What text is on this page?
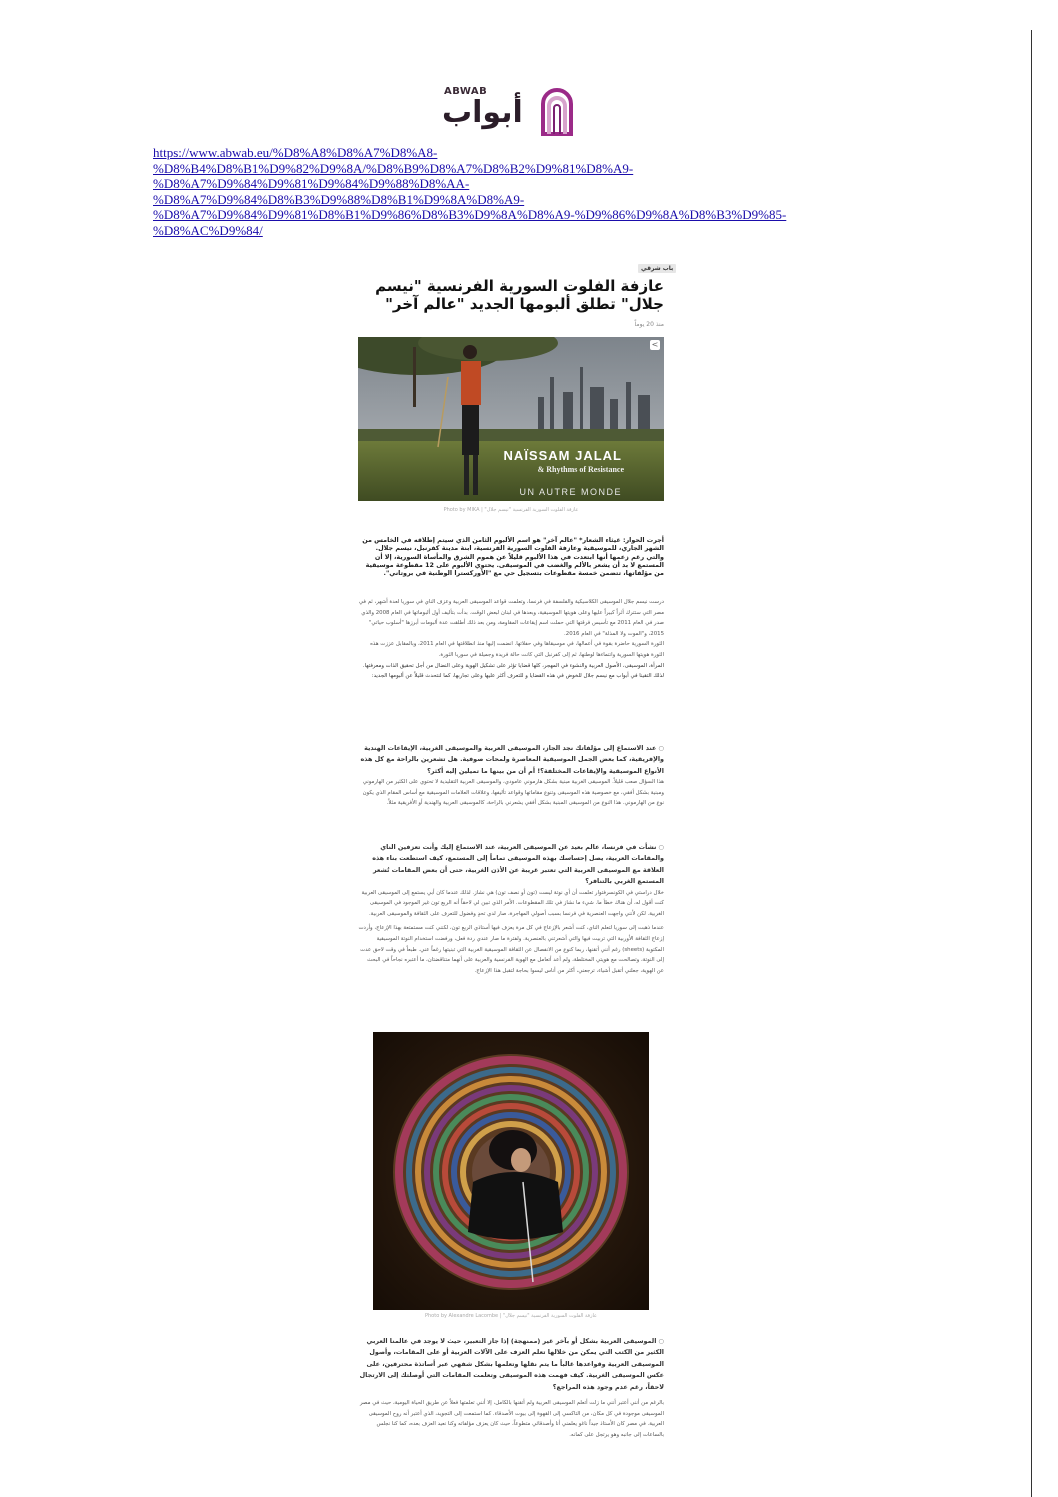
ABWAB
أبواب
https://www.abwab.eu/%D8%A8%D8%A7%D8%A8-
%D8%B4%D8%B1%D9%82%D9%8A/%D8%B9%D8%A7%D8%B2%D9%81%D8%A9-
%D8%A7%D9%84%D9%81%D9%84%D9%88%D8%AA-
%D8%A7%D9%84%D8%B3%D9%88%D8%B1%D9%8A%D8%A9-
%D8%A7%D9%84%D9%81%D8%B1%D9%86%D8%B3%D9%8A%D8%A9-%D9%86%D9%8A%D8%B3%D9%85-
%D8%AC%D9%84/
باب شرقي
عازفة الفلوت السورية الفرنسية "نيسم جلال" تطلق ألبومها الجديد "عالم آخر"
منذ 20 يوماً
<
NAÏSSAM JALAL
& Rhythms of Resistance
UN AUTRE MONDE
عازفة الفلوت السورية الفرنسية "نيسم جلال" | Photo by MIKA
أجرت الحوار: غيثاء الشعار* "عالم آخر" هو اسم الألبوم الثامن الذي سيتم إطلاقه في الخامس من الشهر الجاري، للموسيقية وعازفة الفلوت السورية الفرنسية، ابنة مدينة كفرنبل، نيسم جلال. والتي رغم زعمها أنها ابتعدت في هذا الألبوم قليلاً عن هموم الشرق والمأساة السورية، إلا أن المستمع لا بد أن يشعر بالألم والغضب في الموسيقى. يحتوي الألبوم على 12 مقطوعة موسيقية من مؤلفاتها، تتضمن خمسة مقطوعات بتسجيل حي مع "الأوركسترا الوطنية في بروتاني".

درست نيسم جلال الموسيقى الكلاسيكية والفلسفة في فرنسا، وتعلمت قواعد الموسيقى العربية وعزف الناي في سوريا لعدة أشهر، ثم في مصر التي ستترك أثراً كبيراً عليها وعلى هويتها الموسيقية، وبعدها في لبنان لبعض الوقت. بدأت بتأليف أول ألبوماتها في العام 2008 والذي صدر في العام 2011 مع تأسيس فرقتها التي حملت اسم إيقاعات المقاومة، ومن بعد ذلك أطلقت عدة ألبومات أبرزها "أسلوب حياتي" 2015، و"الموت ولا المذلة" في العام 2016.

الثورة السورية حاضرة بقوة في أعمالها، في موسيقاها وفي حفلاتها. انضمت إليها منذ انطلاقتها في العام 2011، وبالمقابل عززت هذه الثورة هويتها السورية وانتماءها لوطنها، ثم إلى كفرنبل التي كانت حالة فريدة وجميلة في سوريا الثورة.

المرأة، الموسيقى، الأصول العربية والنشوء في المهجر، كلها قضايا تؤثر على تشكيل الهوية وعلى النضال من أجل تحقيق الذات ومعرفتها. لذلك التقينا في أبواب مع نيسم جلال للخوض في هذه القضايا و للتعرف أكثر عليها وعلى تجاربها، كما لنتحدث قليلاً عن ألبومها الجديد:

○ عند الاستماع إلى مؤلفاتك نجد الجاز، الموسيقى العربية والموسيقى الغربية، الإيقاعات الهندية والإفريقية، كما بعض الجمل الموسيقية المعاصرة ولمحات صوفية. هل تشعرين بالراحة مع كل هذه الأنواع الموسيقية والإيقاعات المختلفة؟! أم أن من بينها ما تميلين إليه أكثر؟

هذا السؤال صعب قليلاً. الموسيقى الغربية مبنية بشكل هارموني عامودي، والموسيقى العربية التقليدية لا تحتوي على الكثير من الهارموني ومبنية بشكل أفقي، مع خصوصية هذه الموسيقى وتنوع مقاماتها وقواعد تأليفها، وعلاقات العلامات الموسيقية مع أساس المقام الذي يكون نوع من الهارموني. هذا النوع من الموسيقى المبنية بشكل أفقي يشعرني بالراحة، كالموسيقى العربية والهندية أو الأفريقية مثلاً.

○ نشأت في فرنسا، عالم بعيد عن الموسيقى العربية، عند الاستماع إليك وأنت تعزفين الناي والمقامات العربية، يصل إحساسك بهذه الموسيقى تماماً إلى المستمع، كيف استطعت بناء هذه العلاقة مع الموسيقى العربية التي تعتبر غريبة عن الأذن الغربية، حتى أن بعض المقامات تُشعر المستمع الغربي بالتنافر؟

خلال دراستي في الكونسرفتوار تعلمت أن أي نوتة ليست (تون أو نصف تون) هي نشاز. لذلك عندما كان أبي يستمع إلى الموسيقى العربية كنت أقول له، أن هناك خطأ ما. شيء ما نشاز في تلك المقطوعات. الأمر الذي تبين لي لاحقاً أنه الربع تون غير الموجود في الموسيقى الغربية. لكن لأنني واجهت العنصرية في فرنسا بسبب أصولي المهاجرة، صار لدي تحدٍ وفضول للتعرف على الثقافة والموسيقى العربية.

عندما ذهبت إلى سوريا لتعلم الناي، كنت أشعر بالإزعاج في كل مرة يعزف فيها أستاذي الربع تون، لكنني كنت مستمتعة بهذا الإزعاج، وأردت إزعاج الثقافة الأوربية التي تربيت فيها والتي أشعرتني بالعنصرية. ولفترة ما صار عندي ردة فعل، ورفضت استخدام النوتة الموسيقية المكتوبة (sheets) رغم أنني أتقنها، ربما كنوع من الانفصال عن الثقافة الموسيقية الغربية التي تبنيتها رغماً عني. طبعاً في وقت لاحق عدت إلى النوتة، وتصالحت مع هويتي المختلطة، ولم أعد أتعامل مع الهوية الفرنسية والعربية على أنهما متناقضتان، ما أعتبره نجاحاً في البحث عن الهوية، جعلني أتقبل أشياء، ترجعني، أكثر من أناس ليسوا بحاجة لتقبل هذا الإزعاج.

عازفة الفلوت السورية الفرنسية "نيسم جلال" | Photo by Alexandre Lacombe

○ الموسيقى العربية بشكل أو بآخر غير (ممنهجة) إذا جاز التعبير، حيث لا يوجد في عالمنا العربي الكثير من الكتب التي يمكن من خلالها تعلم العزف على الآلات العربية أو على المقامات، وأصول الموسيقى العربية وقواعدها غالباً ما يتم نقلها وتعلمها بشكل شفهي عبر أساتذة محترفين، على عكس الموسيقى الغربية. كيف فهمت هذه الموسيقى وتعلمت المقامات التي أوصلتك إلى الارتجال لاحقاً، رغم عدم وجود هذه المراجع؟

بالرغم من أنني أعتبر أنني ما زلت أتعلم الموسيقى العربية ولم أتقنها بالكامل، إلا أنني تعلمتها فعلاً عن طريق الحياة اليومية، حيث في مصر الموسيقى موجودة في كل مكان، من التاكسي إلى القهوة إلى بيوت الأصدقاء. كما استمعت إلى التجويد، الذي أعتبر أنه روح الموسيقى العربية. في مصر كان الأستاذ جيداً ناغو يعلمني أنا وأصدقائي متطوعاً، حيث كان يعزف مؤلفاته وكنا نعيد العزف بعده، كما كنا نجلس بالساعات إلى جانبه وهو يرتجل على كمانه.
